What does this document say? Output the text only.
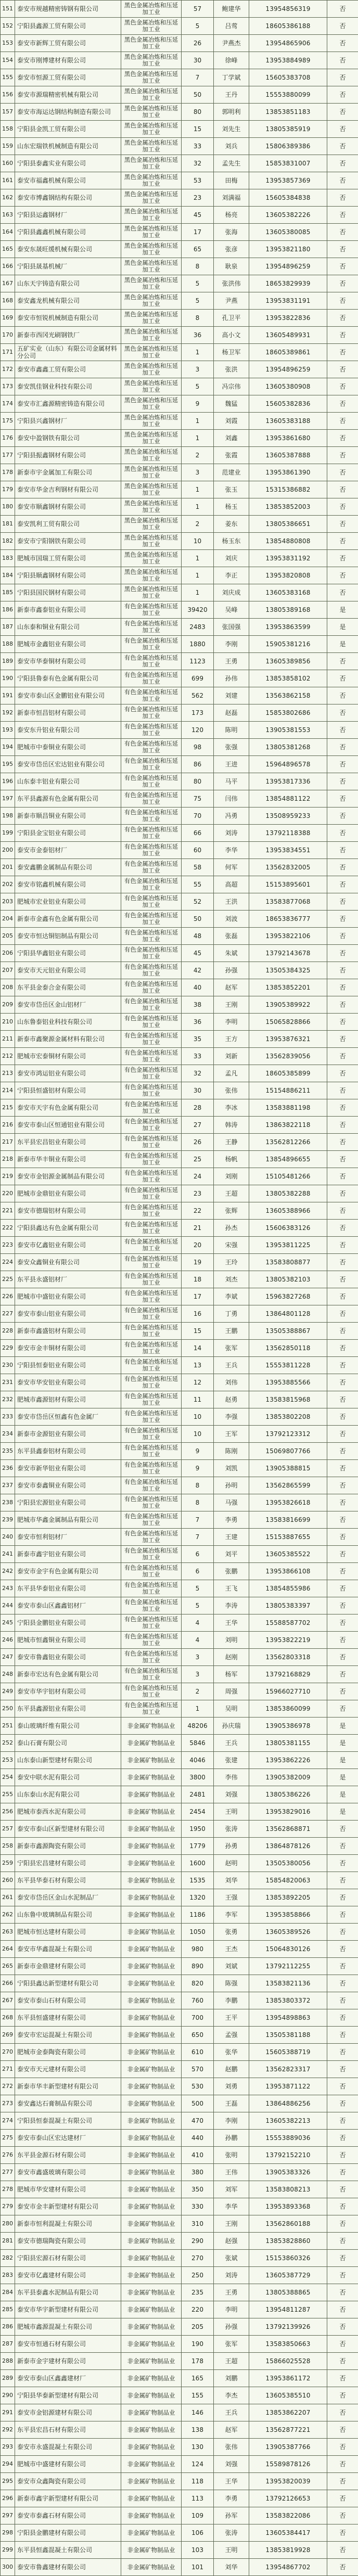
151	泰安市规越精密铸钢有限公司	黑色金属冶炼和压延加工业	57	鲍建华	13954856319	否
152	宁阳县鑫源工贸有限公司	黑色金属冶炼和压延加工业	5	吕莺	18605386188	否
153	泰安市新辉工贸有限公司	黑色金属冶炼和压延加工业	26	尹燕杰	13954865906	否
154	泰安市刚博建材有限公司	黑色金属冶炼和压延加工业	30	徐峰	13953884989	否
155	泰安市恒源工贸有限公司	黑色金属冶炼和压延加工业	7	丁学斌	15605383708	否
156	泰安市源瑞精密机械有限公司	黑色金属冶炼和压延加工业	50	王丹	15553880099	否
157	泰安市海运达钢结构制造有限公司	黑色金属冶炼和压延加工业	80	郭明利	13853851183	否
158	宁阳县金凯工贸有限公司	黑色金属冶炼和压延加工业	15	刘先生	13805385919	否
159	山东宏瑞铁机械制造有限公司	黑色金属冶炼和压延加工业	33	刘兵	15806389386	否
160	宁阳县泰鑫实业有限公司	黑色金属冶炼和压延加工业	32	孟先生	15853831007	否
161	泰安市福鑫机械有限公司	黑色金属冶炼和压延加工业	53	田梅	13953857369	否
162	泰安市博鑫钢结构有限公司	黑色金属冶炼和压延加工业	23	刘满福	15605384838	否
163	宁阳县运鑫钢材厂	黑色金属冶炼和压延加工业	45	杨亮	13605382226	否
164	宁阳县鑫鑫机械有限公司	黑色金属冶炼和压延加工业	17	张海	13605380085	否
165	泰安东晟旺缓机械有限公司	黑色金属冶炼和压延加工业	65	张彦	13953821180	否
166	宁阳县晟基机械厂	黑色金属冶炼和压延加工业	8	耿泉	13954896259	否
167	山东天宇铸造有限公司	黑色金属冶炼和压延加工业	5	张洪伟	18653829939	否
168	泰安鑫龙机械有限公司	黑色金属冶炼和压延加工业	5	尹燕	13953831191	否
169	泰安市恒锐机械制造有限公司	黑色金属冶炼和压延加工业	8	孔卫平	13953822836	否
170	新泰市西冈光刷钢铁厂	黑色金属冶炼和压延加工业	36	高小文	13605489931	否
171	五矿实业（山东）有限公司金属材料分公司	黑色金属冶炼和压延加工业	1	杨卫军	18605389861	否
172	泰安市鑫鑫工贸有限公司	黑色金属冶炼和压延加工业	3	张洪	13954896259	否
173	泰安凯佳钢业科技有限公司	黑色金属冶炼和压延加工业	5	冯宗伟	13605380908	否
174	泰安市汇鑫源精密铸造有限公司	黑色金属冶炼和压延加工业	9	魏猛	15605382836	否
175	宁阳县兴鑫钢材厂	黑色金属冶炼和压延加工业	1	刘霞	13605383188	否
176	泰安中盈钢铁有限公司	黑色金属冶炼和压延加工业	1	刘鑫	13953861680	否
177	宁阳县振鑫钢材有限公司	黑色金属冶炼和压延加工业	2	张霞	13605387888	否
178	新泰市宇金属加工有限公司	黑色金属冶炼和压延加工业	3	范建业	13953861390	否
179	泰安市华金吉利钢材有限公司	黑色金属冶炼和压延加工业	1	张玉	15315386882	否
180	泰安市顺鑫钢材有限公司	黑色金属冶炼和压延加工业	1	杨玉	13853852003	否
181	泰安凯利工贸有限公司	黑色金属冶炼和压延加工业	2	姜东	13805386651	否
182	泰安市宁阳钢铁有限公司	黑色金属冶炼和压延加工业	10	杨玉东	13854880808	否
183	肥城市国瑞工贸有限公司	黑色金属冶炼和压延加工业	1	刘庆	13953831192	否
184	宁阳县顺鑫钢材有限公司	黑色金属冶炼和压延加工业	1	李正	13953820808	否
185	宁阳县国民钢材有限公司	黑色金属冶炼和压延加工业	1	刘庆成	13605383168	否
186	新泰市鑫泰铝业有限公司	有色金属冶炼和压延加工业	39420	吴峰	13805389168	是
187	山东泰和铜业有限公司	有色金属冶炼和压延加工业	2483	张国强	13953863599	是
188	肥城市金鑫铝业有限公司	有色金属冶炼和压延加工业	1880	李刚	15905381216	是
189	泰安市华泰铜材有限公司	有色金属冶炼和压延加工业	1123	王勇	13605389856	否
190	宁阳县鲁泰有色金属有限公司	有色金属冶炼和压延加工业	699	孙伟	13853858102	否
191	泰安市泰山区金鹏铝业有限公司	有色金属冶炼和压延加工业	562	刘建	13563862158	否
192	新泰市恒昌铝材有限公司	有色金属冶炼和压延加工业	173	赵磊	15853802686	否
193	泰安东升铝业有限公司	有色金属冶炼和压延加工业	120	陈明	13905381553	否
194	肥城市中泰铜业有限公司	有色金属冶炼和压延加工业	98	张强	13805381268	否
195	泰安市岱岳区宏达铝业有限公司	有色金属冶炼和压延加工业	86	王进	15964896578	否
196	山东泰丰铝业有限公司	有色金属冶炼和压延加工业	80	马平	13953817336	否
197	东平县鑫源有色金属有限公司	有色金属冶炼和压延加工业	75	闫伟	13854881122	否
198	新泰市顺昌铜业有限公司	有色金属冶炼和压延加工业	70	冯勇	13508959233	否
199	宁阳县金宝铝业有限公司	有色金属冶炼和压延加工业	66	刘涛	13792118388	否
200	泰安市金泰铝材厂	有色金属冶炼和压延加工业	60	李华	13953834551	否
201	泰安鑫鹏金属制品有限公司	有色金属冶炼和压延加工业	58	何军	13562832005	否
202	泰安市铭鑫机械有限公司	有色金属冶炼和压延加工业	55	高超	15153895601	否
203	肥城市宏业铝业有限公司	有色金属冶炼和压延加工业	52	王洪	13583877068	否
204	新泰市金鑫有色金属有限公司	有色金属冶炼和压延加工业	50	刘波	18653836777	否
205	泰安市恒达铜铝制品有限公司	有色金属冶炼和压延加工业	48	张磊	13953822106	否
206	宁阳县华鑫铝业有限公司	有色金属冶炼和压延加工业	45	朱斌	13792143678	否
207	泰安市天元铝业有限公司	有色金属冶炼和压延加工业	42	孙强	13505384325	否
208	东平县金泰合金有限公司	有色金属冶炼和压延加工业	40	赵军	13853852201	否
209	泰安市岱岳区金山铝材厂	有色金属冶炼和压延加工业	38	王刚	13905389922	否
210	山东鲁泰铝业科技有限公司	有色金属冶炼和压延加工业	36	李明	15065828866	否
211	新泰市鑫聚源金属材料有限公司	有色金属冶炼和压延加工业	35	王方	13953876321	否
212	肥城市宏泰铜材有限公司	有色金属冶炼和压延加工业	33	刘新	13562839056	否
213	泰安市鸿运铝业有限公司	有色金属冶炼和压延加工业	32	孟凡	18605385899	否
214	宁阳县恒盛铝材有限公司	有色金属冶炼和压延加工业	30	张伟	15154886211	否
215	泰安市天宇有色金属有限公司	有色金属冶炼和压延加工业	28	李冰	13583881198	否
216	泰安市泰山区恒通铝业有限公司	有色金属冶炼和压延加工业	27	韩涛	13863822118	否
217	东平县宏昌铝业有限公司	有色金属冶炼和压延加工业	26	王静	13562812266	否
218	新泰市华丰铜业有限公司	有色金属冶炼和压延加工业	25	杨帆	13854896655	否
219	泰安市金铝源金属制品有限公司	有色金属冶炼和压延加工业	24	刘刚	15105481266	否
220	肥城市金鼎铝业有限公司	有色金属冶炼和压延加工业	23	王超	13805382288	否
221	泰安市德瑞铝材有限公司	有色金属冶炼和压延加工业	22	张辉	13605388966	否
222	宁阳县鑫达有色金属有限公司	有色金属冶炼和压延加工业	21	孙杰	15606383126	否
223	泰安市亿鑫铝业有限公司	有色金属冶炼和压延加工业	20	宋强	13953811225	否
224	泰安众鑫铜业有限公司	有色金属冶炼和压延加工业	19	王玲	13583808877	否
225	东平县永盛铝材厂	有色金属冶炼和压延加工业	18	刘杰	13805382103	否
226	肥城市中盛铝业有限公司	有色金属冶炼和压延加工业	17	李斌	15963827268	否
227	泰安市泰山铝业有限公司	有色金属冶炼和压延加工业	16	丁勇	13864801128	否
228	新泰市鑫盛铝材有限公司	有色金属冶炼和压延加工业	15	王鹏	13505388867	否
229	泰安市金丰铜材有限公司	有色金属冶炼和压延加工业	14	张军	13562850118	否
230	宁阳县恒泰铝业有限公司	有色金属冶炼和压延加工业	13	王兵	15553811228	否
231	泰安市华安铝业有限公司	有色金属冶炼和压延加工业	12	刘伟	13953885566	否
232	肥城市鑫源铝材有限公司	有色金属冶炼和压延加工业	11	赵勇	13583815968	否
233	泰安市岱岳区恒鑫有色金属厂	有色金属冶炼和压延加工业	10	李强	13853802208	否
234	新泰市金源铝业有限公司	有色金属冶炼和压延加工业	10	王军	13792123312	否
235	东平县鑫泰铝材有限公司	有色金属冶炼和压延加工业	9	陈刚	15069807766	否
236	泰安市新华铝业有限公司	有色金属冶炼和压延加工业	9	刘凯	13905388815	否
237	泰安市泰鑫铜业有限公司	有色金属冶炼和压延加工业	8	孙明	13562865599	否
238	宁阳县宏源铝业有限公司	有色金属冶炼和压延加工业	8	马强	13953826618	否
239	肥城市华鑫金属制品有限公司	有色金属冶炼和压延加工业	7	李勇	13583816699	否
240	泰安市恒利铝材厂	有色金属冶炼和压延加工业	7	王建	15153887655	否
241	新泰市鑫宇铝业有限公司	有色金属冶炼和压延加工业	6	刘平	13605385522	否
242	泰安市金宇有色金属有限公司	有色金属冶炼和压延加工业	6	张鹏	13953866108	否
243	东平县华泰铝业有限公司	有色金属冶炼和压延加工业	5	王飞	13854855986	否
244	泰安市泰山区鑫鑫铝材厂	有色金属冶炼和压延加工业	5	李涛	13805383397	否
245	宁阳县金鹏铝业有限公司	有色金属冶炼和压延加工业	4	王华	15588587702	否
246	肥城市恒鑫铜业有限公司	有色金属冶炼和压延加工业	4	刘明	13953822219	否
247	泰安市鲁鑫铝业有限公司	有色金属冶炼和压延加工业	3	赵刚	13562803318	否
248	新泰市宏达有色金属有限公司	有色金属冶炼和压延加工业	3	杨军	13792168829	否
249	泰安市华宇铝材有限公司	有色金属冶炼和压延加工业	2	周强	15966027710	否
250	东平县鑫源铝业有限公司	有色金属冶炼和压延加工业	1	吴明	13853860099	否
251	泰山玻璃纤维有限公司	非金属矿物制品业	48206	孙庆瑞	13905386978	是
252	泰山石膏有限公司	非金属矿物制品业	5846	王兵	13805381155	是
253	山东泰山新型建材有限公司	非金属矿物制品业	4046	张建	13953862226	是
254	泰安中联水泥有限公司	非金属矿物制品业	3800	李伟	13905382009	是
255	山东泰山水泥有限公司	非金属矿物制品业	2481	刘强	13805386226	是
256	肥城市泰西水泥有限公司	非金属矿物制品业	2454	王明	13953829016	是
257	泰安市泰山区新型建材有限公司	非金属矿物制品业	1950	张涛	13562868871	否
258	新泰市鑫源陶瓷有限公司	非金属矿物制品业	1779	孙勇	13864878126	否
259	宁阳县宏昌建材有限公司	非金属矿物制品业	1600	赵明	13505380056	否
260	东平县华泰石材有限公司	非金属矿物制品业	1535	刘华	15854820063	否
261	泰安市岱岳区金山水泥制品厂	非金属矿物制品业	1320	王强	13853892205	否
262	山东鲁中玻璃制品有限公司	非金属矿物制品业	1186	李军	13953858866	否
263	肥城市恒达建材有限公司	非金属矿物制品业	1050	张勇	13605389526	否
264	泰安市华鑫混凝土有限公司	非金属矿物制品业	980	王杰	15064830126	否
265	新泰市金鼎建材有限公司	非金属矿物制品业	890	刘斌	13792112255	否
266	宁阳县鑫达新型建材有限公司	非金属矿物制品业	820	陈强	13583821136	否
267	泰安市泰山石材有限公司	非金属矿物制品业	760	李鹏	13853803372	否
268	东平县恒盛建材有限公司	非金属矿物制品业	700	王平	13954898863	否
269	泰安市宏运混凝土有限公司	非金属矿物制品业	650	孟强	13505381188	否
270	肥城市金泰陶瓷有限公司	非金属矿物制品业	610	张华	15605388719	否
271	泰安市天元建材有限公司	非金属矿物制品业	570	赵鹏	13562823317	否
272	新泰市华丰新型建材有限公司	非金属矿物制品业	530	刘勇	13953871122	否
273	泰安鑫达石膏制品有限公司	非金属矿物制品业	500	王磊	13864886256	否
274	宁阳县恒泰混凝土有限公司	非金属矿物制品业	470	李刚	13605382213	否
275	泰安市泰山区宏达建材厂	非金属矿物制品业	440	孙鹏	15553889036	否
276	东平县金源石材有限公司	非金属矿物制品业	410	张明	13792152210	否
277	泰安市鑫盛玻璃有限公司	非金属矿物制品业	380	王伟	13905383326	否
278	肥城市华安建材有限公司	非金属矿物制品业	350	刘军	13583808213	否
279	泰安市金丰新型建材有限公司	非金属矿物制品业	330	李华	13953893368	否
280	新泰市恒利混凝土有限公司	非金属矿物制品业	310	王刚	13562860188	否
281	泰安市德瑞陶瓷有限公司	非金属矿物制品业	290	赵强	13853828860	否
282	宁阳县宏源石材有限公司	非金属矿物制品业	270	张斌	15153860326	否
283	泰安市亿鑫建材有限公司	非金属矿物制品业	250	刘涛	13605387729	否
284	东平县泰鑫水泥制品有限公司	非金属矿物制品业	235	王勇	13805388865	否
285	泰安市华宇新型建材有限公司	非金属矿物制品业	220	李明	13954811287	否
286	肥城市鑫源混凝土有限公司	非金属矿物制品业	205	孙强	13792139926	否
287	泰安市恒通石材有限公司	非金属矿物制品业	190	张军	13583850663	否
288	新泰市金宇建材有限公司	非金属矿物制品业	178	王超	15866025528	否
289	泰安市泰山区鑫鑫建材厂	非金属矿物制品业	165	刘鹏	13953861172	否
290	宁阳县华泰新型建材有限公司	非金属矿物制品业	155	李杰	13605385510	否
291	泰安市金铝源建材有限公司	非金属矿物制品业	146	王兵	13853862207	否
292	东平县宏昌石材有限公司	非金属矿物制品业	138	赵军	13562877221	否
293	泰安市永盛混凝土有限公司	非金属矿物制品业	130	张伟	13905387766	否
294	肥城市中盛建材有限公司	非金属矿物制品业	124	刘强	15589878126	否
295	泰安市众鑫陶瓷有限公司	非金属矿物制品业	118	王华	13953820039	否
296	新泰市鑫宇新型建材有限公司	非金属矿物制品业	113	李勇	13792126653	否
297	泰安市泰鑫石材有限公司	非金属矿物制品业	109	孙军	13583822086	否
298	宁阳县金鹏建材有限公司	非金属矿物制品业	106	张涛	13605384417	否
299	东平县恒鑫混凝土有限公司	非金属矿物制品业	103	王明	13853819928	否
300	泰安市鲁鑫建材有限公司	非金属矿物制品业	101	刘华	13954867702	否
